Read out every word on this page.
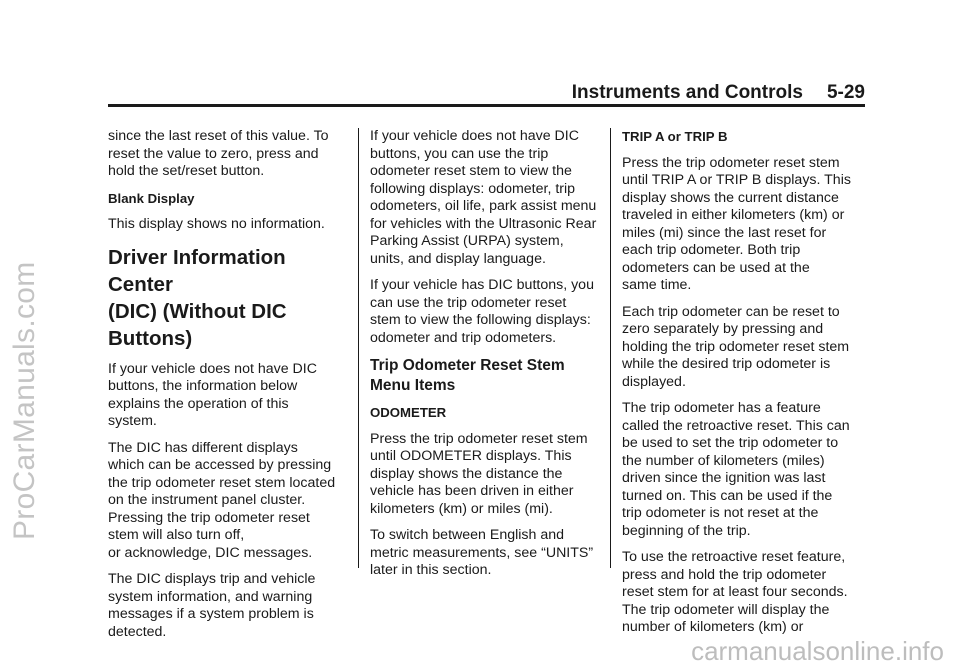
Instruments and Controls 5-29
ProCarManuals.com

since the last reset of this value. To
reset the value to zero, press and
hold the set/reset button.

Blank Display

This display shows no information.

Driver Information Center
(DIC) (Without DIC
Buttons)

If your vehicle does not have DIC
buttons, the information below
explains the operation of this
system.

The DIC has different displays
which can be accessed by pressing
the trip odometer reset stem located
on the instrument panel cluster.
Pressing the trip odometer reset
stem will also turn off,
or acknowledge, DIC messages.

The DIC displays trip and vehicle
system information, and warning
messages if a system problem is
detected.

If your vehicle does not have DIC
buttons, you can use the trip
odometer reset stem to view the
following displays: odometer, trip
odometers, oil life, park assist menu
for vehicles with the Ultrasonic Rear
Parking Assist (URPA) system,
units, and display language.

If your vehicle has DIC buttons, you
can use the trip odometer reset
stem to view the following displays:
odometer and trip odometers.

Trip Odometer Reset Stem
Menu Items

ODOMETER

Press the trip odometer reset stem
until ODOMETER displays. This
display shows the distance the
vehicle has been driven in either
kilometers (km) or miles (mi).

To switch between English and
metric measurements, see “UNITS”
later in this section.

TRIP A or TRIP B

Press the trip odometer reset stem
until TRIP A or TRIP B displays. This
display shows the current distance
traveled in either kilometers (km) or
miles (mi) since the last reset for
each trip odometer. Both trip
odometers can be used at the
same time.

Each trip odometer can be reset to
zero separately by pressing and
holding the trip odometer reset stem
while the desired trip odometer is
displayed.

The trip odometer has a feature
called the retroactive reset. This can
be used to set the trip odometer to
the number of kilometers (miles)
driven since the ignition was last
turned on. This can be used if the
trip odometer is not reset at the
beginning of the trip.

To use the retroactive reset feature,
press and hold the trip odometer
reset stem for at least four seconds.
The trip odometer will display the
number of kilometers (km) or

carmanualsonline.info
